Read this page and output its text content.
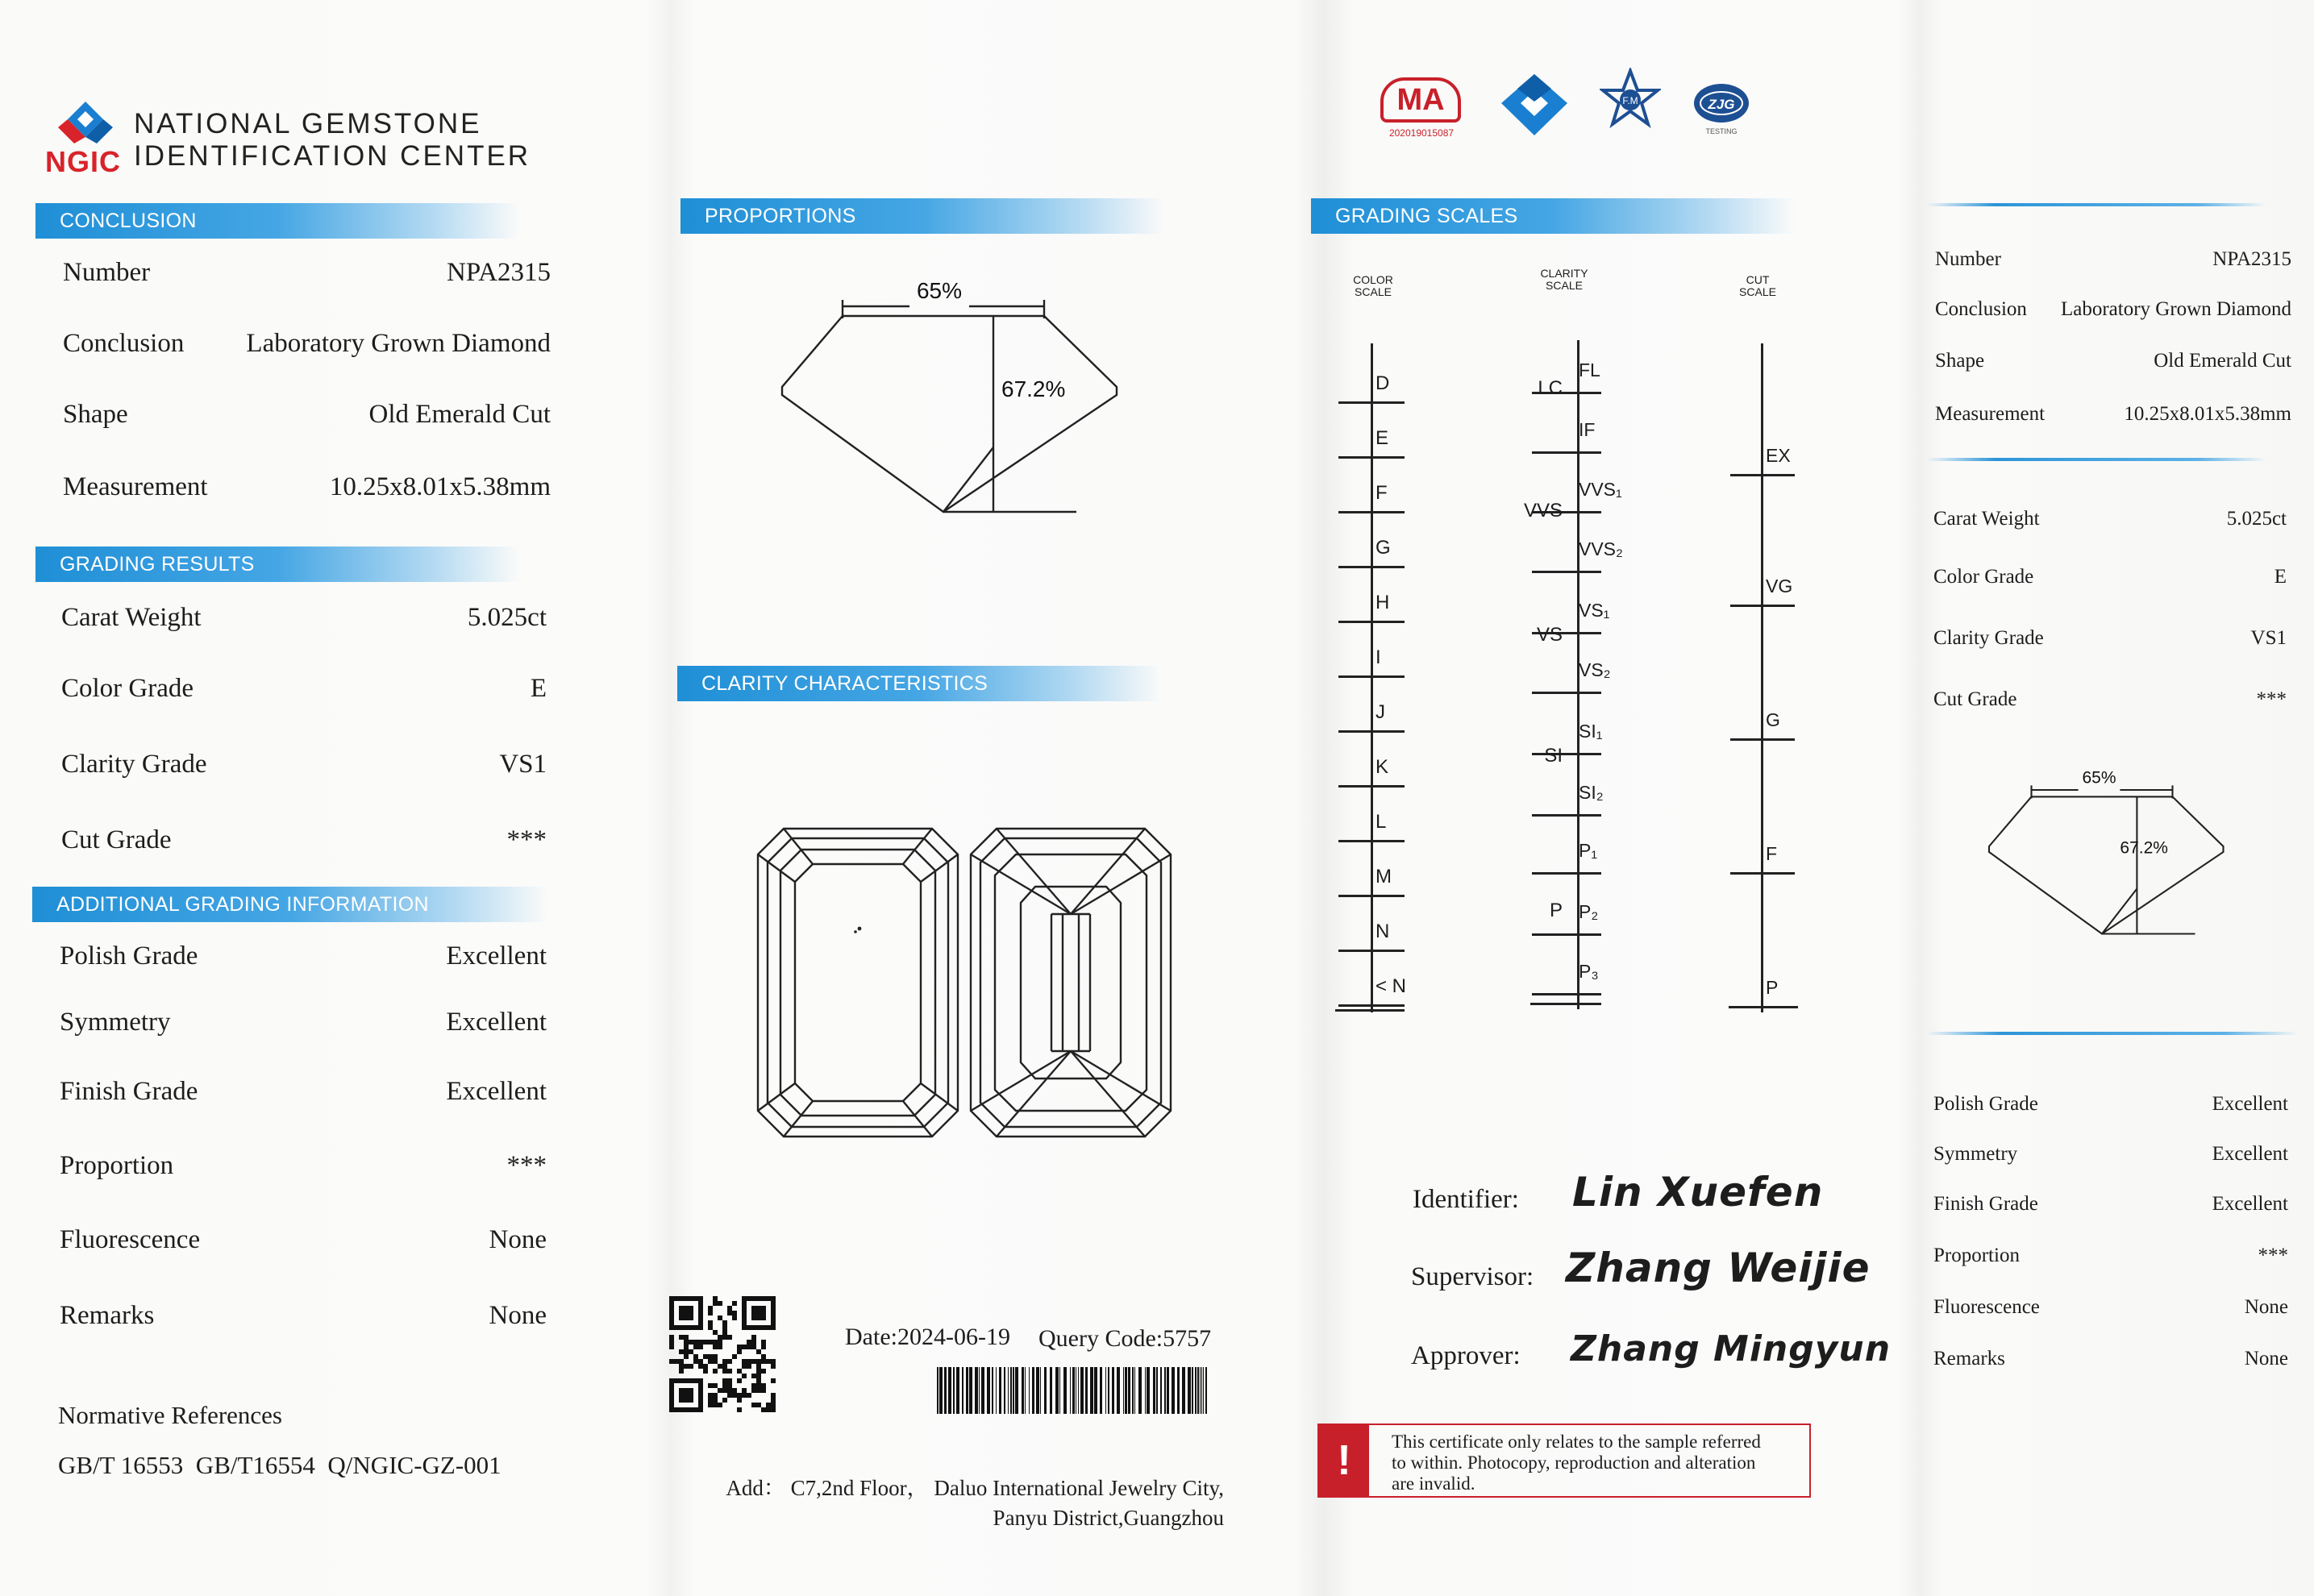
NGIC
NATIONAL GEMSTONE
IDENTIFICATION CENTER
CONCLUSION
Number	NPA2315
Conclusion Laboratory Grown Diamond
Shape	Old Emerald Cut
Measurement	10.25x8.01x5.38mm
GRADING RESULTS
Carat Weight	5.025ct
Color Grade	E
Clarity Grade	VS1
Cut Grade	***
ADDITIONAL GRADING INFORMATION
Polish Grade	Excellent
Symmetry	Excellent
Finish Grade	Excellent
Proportion	***
Fluorescence	None
Remarks	None
Normative References
GB/T 16553  GB/T16554  Q/NGIC-GZ-001
PROPORTIONS
65%
67.2%
CLARITY CHARACTERISTICS
Date:2024-06-19 Query Code:5757
Add： C7,2nd Floor， Daluo International Jewelry City,
Panyu District,Guangzhou
MA
202019015087
F.M	ZJG
TESTING
GRADING SCALES
COLOR
SCALE
CLARITY
SCALE	CUT
SCALE
D
E
F
G
H
I
J
K
L
M
N
< N
FL
IF
VVS₁
VVS₂
VS₁
VS₂
SI₁
SI₂
P₁
P₂
P₃
LC
VVS
VS
SI
P
EX
VG
G
F
P
Identifier: Lin Xuefen
Supervisor: Zhang Weijie
Approver: Zhang Mingyun
!	This certificate only relates to the sample referred
to within. Photocopy, reproduction and alteration
are invalid.
Number	NPA2315
Conclusion Laboratory Grown Diamond
Shape	Old Emerald Cut
Measurement	10.25x8.01x5.38mm
Carat Weight	5.025ct
Color Grade	E
Clarity Grade	VS1
Cut Grade	***
65%
67.2%
Polish Grade	Excellent
Symmetry	Excellent
Finish Grade	Excellent
Proportion	***
Fluorescence	None
Remarks	None
